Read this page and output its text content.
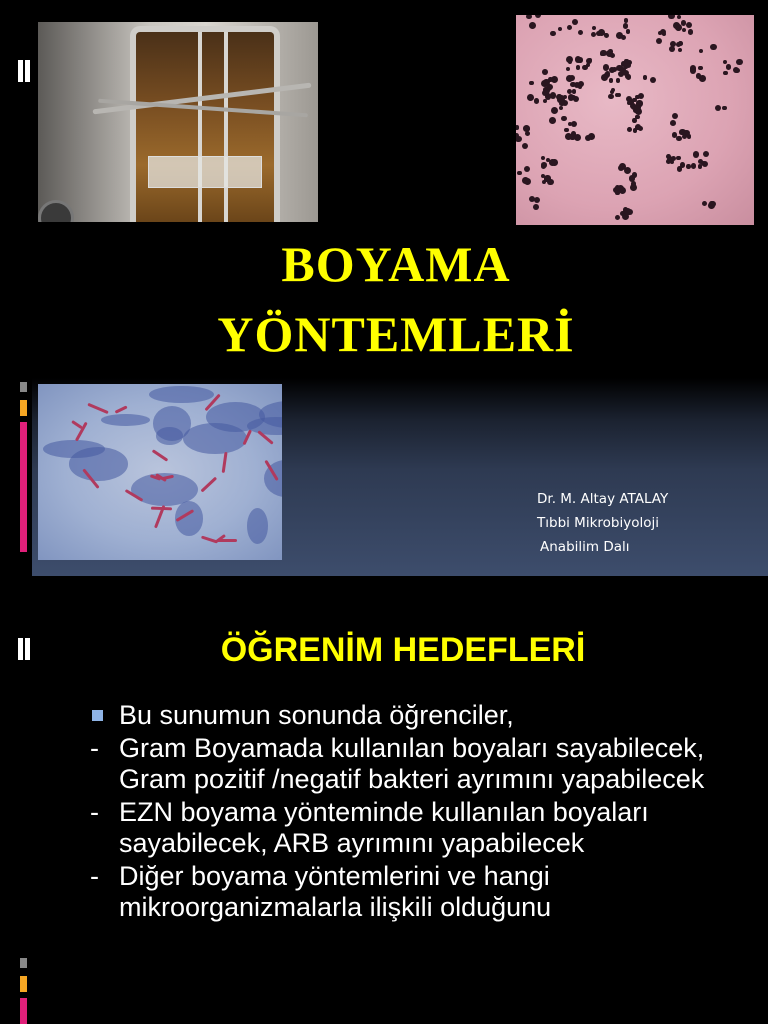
BOYAMA
YÖNTEMLERİ
Dr. M. Altay ATALAY
Tıbbi Mikrobiyoloji
Anabilim Dalı
ÖĞRENİM HEDEFLERİ
Bu sunumun sonunda öğrenciler,
- Gram Boyamada kullanılan boyaları sayabilecek, Gram pozitif /negatif bakteri ayrımını yapabilecek
- EZN boyama yönteminde kullanılan boyaları sayabilecek, ARB ayrımını yapabilecek
- Diğer boyama yöntemlerini ve hangi mikroorganizmalarla ilişkili olduğunu
